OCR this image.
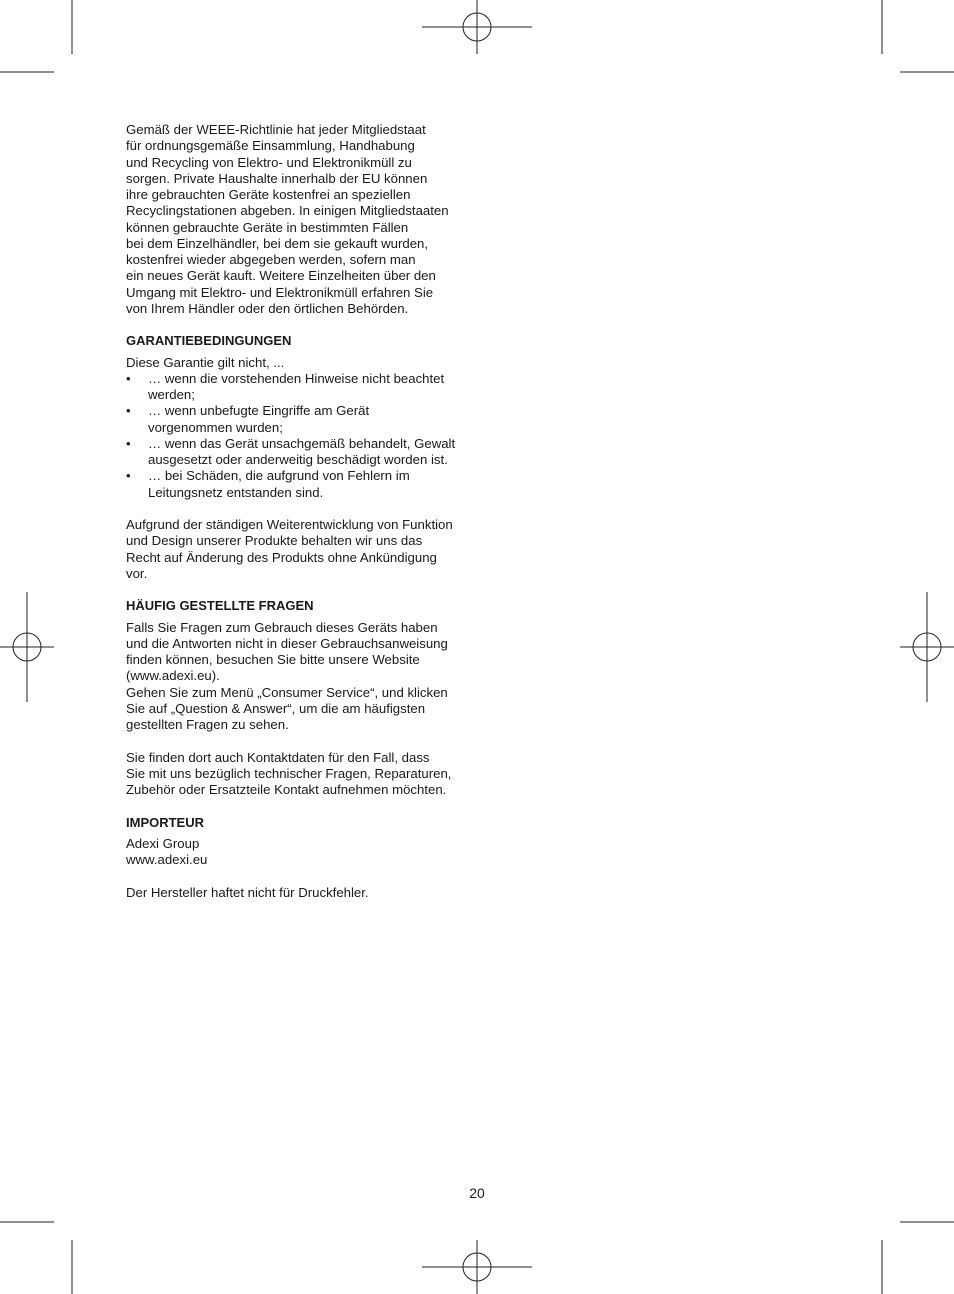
Gemäß der WEEE-Richtlinie hat jeder Mitgliedstaat
für ordnungsgemäße Einsammlung, Handhabung
und Recycling von Elektro- und Elektronikmüll zu
sorgen. Private Haushalte innerhalb der EU können
ihre gebrauchten Geräte kostenfrei an speziellen
Recyclingstationen abgeben. In einigen Mitgliedstaaten
können gebrauchte Geräte in bestimmten Fällen
bei dem Einzelhändler, bei dem sie gekauft wurden,
kostenfrei wieder abgegeben werden, sofern man
ein neues Gerät kauft. Weitere Einzelheiten über den
Umgang mit Elektro- und Elektronikmüll erfahren Sie
von Ihrem Händler oder den örtlichen Behörden.

GARANTIEBEDINGUNGEN

Diese Garantie gilt nicht, ...

• … wenn die vorstehenden Hinweise nicht beachtet
werden;
• … wenn unbefugte Eingriffe am Gerät
vorgenommen wurden;
• … wenn das Gerät unsachgemäß behandelt, Gewalt
ausgesetzt oder anderweitig beschädigt worden ist.
• … bei Schäden, die aufgrund von Fehlern im
Leitungsnetz entstanden sind.

Aufgrund der ständigen Weiterentwicklung von Funktion
und Design unserer Produkte behalten wir uns das
Recht auf Änderung des Produkts ohne Ankündigung
vor.

HÄUFIG GESTELLTE FRAGEN

Falls Sie Fragen zum Gebrauch dieses Geräts haben
und die Antworten nicht in dieser Gebrauchsanweisung
finden können, besuchen Sie bitte unsere Website
(www.adexi.eu).
Gehen Sie zum Menü „Consumer Service“, und klicken
Sie auf „Question & Answer“, um die am häufigsten
gestellten Fragen zu sehen.

Sie finden dort auch Kontaktdaten für den Fall, dass
Sie mit uns bezüglich technischer Fragen, Reparaturen,
Zubehör oder Ersatzteile Kontakt aufnehmen möchten.

IMPORTEUR

Adexi Group

www.adexi.eu

Der Hersteller haftet nicht für Druckfehler.

20
